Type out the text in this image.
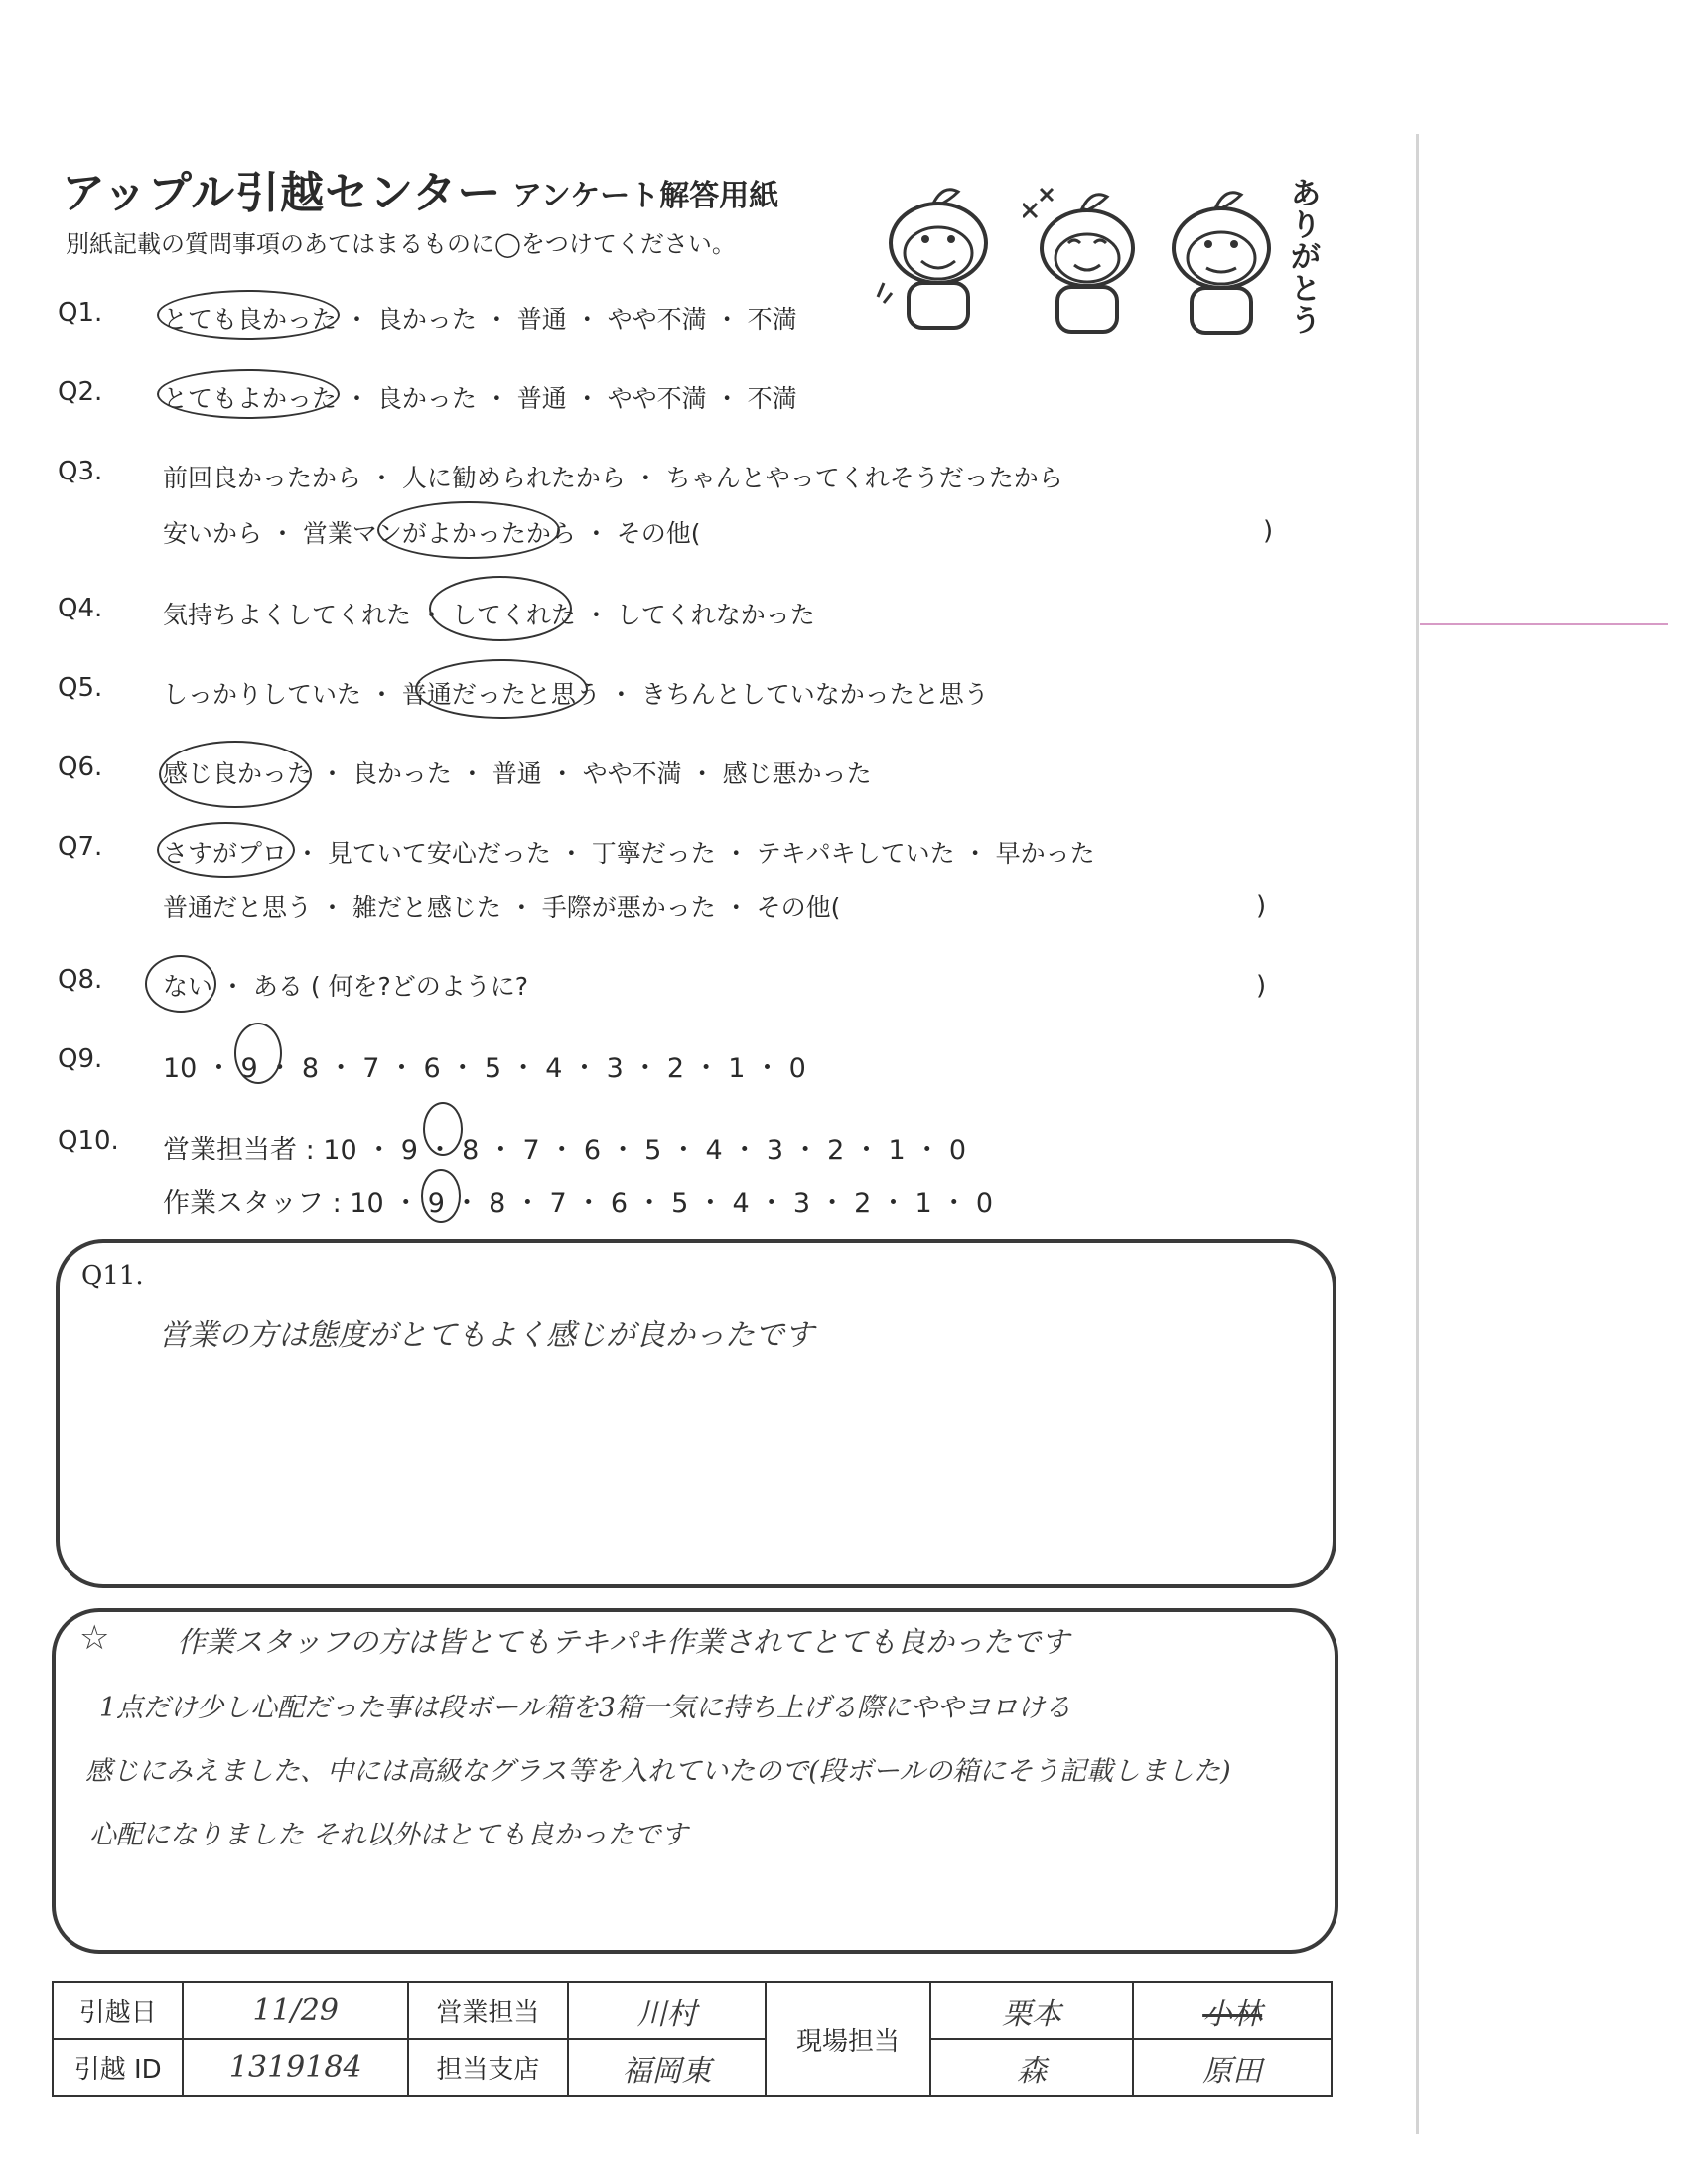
アップル引越センター アンケート解答用紙
別紙記載の質問事項のあてはまるものに◯をつけてください。
ありがとう
Q1. とても良かった ・ 良かった ・ 普通 ・ やや不満 ・ 不満
Q2. とてもよかった ・ 良かった ・ 普通 ・ やや不満 ・ 不満
Q3. 前回良かったから ・ 人に勧められたから ・ ちゃんとやってくれそうだったから
安いから ・ 営業マンがよかったから ・ その他(	)
Q4. 気持ちよくしてくれた ・ してくれた ・ してくれなかった
Q5. しっかりしていた ・ 普通だったと思う ・ きちんとしていなかったと思う
Q6. 感じ良かった ・ 良かった ・ 普通 ・ やや不満 ・ 感じ悪かった
Q7. さすがプロ ・ 見ていて安心だった ・ 丁寧だった ・ テキパキしていた ・ 早かった
普通だと思う ・ 雑だと感じた ・ 手際が悪かった ・ その他(	)
Q8. ない ・ ある ( 何を?どのように?	)
Q9. 10 ・ 9 ・ 8 ・ 7 ・ 6 ・ 5 ・ 4 ・ 3 ・ 2 ・ 1 ・ 0
Q10. 営業担当者 : 10 ・ 9 ・ 8 ・ 7 ・ 6 ・ 5 ・ 4 ・ 3 ・ 2 ・ 1 ・ 0
作業スタッフ : 10 ・ 9 ・ 8 ・ 7 ・ 6 ・ 5 ・ 4 ・ 3 ・ 2 ・ 1 ・ 0
Q11.
営業の方は態度がとてもよく感じが良かったです
☆ 作業スタッフの方は皆とてもテキパキ作業されてとても良かったです
1点だけ少し心配だった事は段ボール箱を3箱一気に持ち上げる際にややヨロける
感じにみえました、中には高級なグラス等を入れていたので(段ボールの箱にそう記載しました)
心配になりました それ以外はとても良かったです
引越日	11/29	営業担当	川村	現場担当	栗本	小林
引越 ID	1319184	担当支店	福岡東		森	原田
